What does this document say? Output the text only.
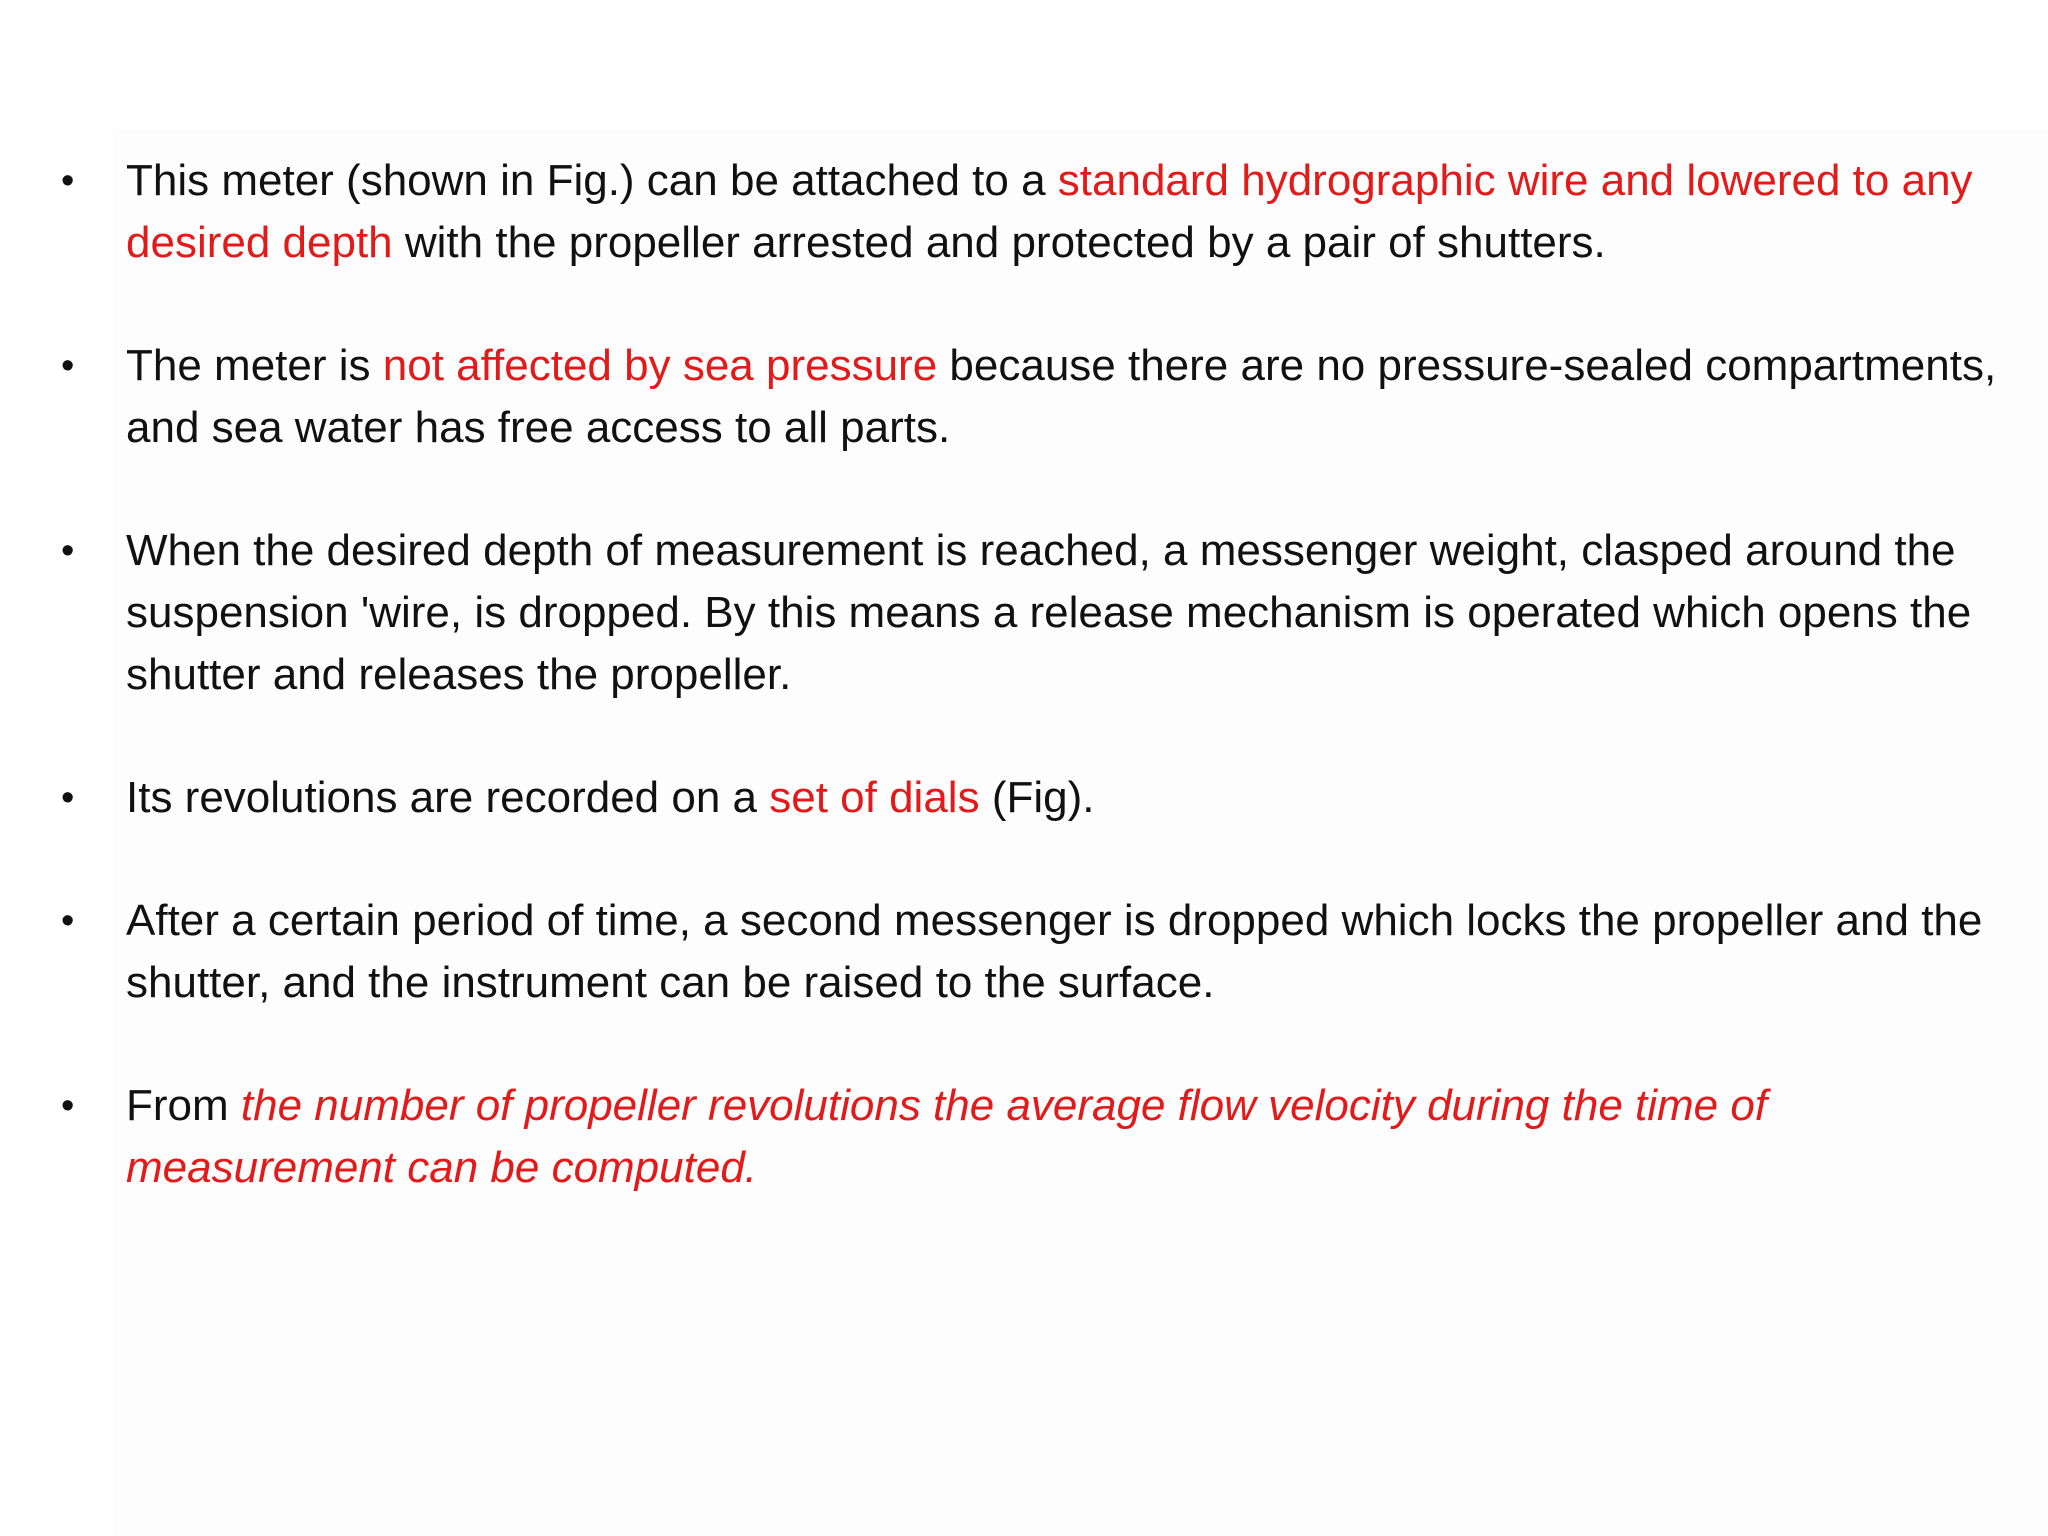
• This meter (shown in Fig.) can be attached to a standard hydrographic wire and lowered to any desired depth with the propeller arrested and protected by a pair of shutters.
• The meter is not affected by sea pressure because there are no pressure-sealed compartments, and sea water has free access to all parts.
• When the desired depth of measurement is reached, a messenger weight, clasped around the suspension 'wire, is dropped. By this means a release mechanism is operated which opens the shutter and releases the propeller.
• Its revolutions are recorded on a set of dials (Fig).
• After a certain period of time, a second messenger is dropped which locks the propeller and the shutter, and the instrument can be raised to the surface.
• From the number of propeller revolutions the average flow velocity during the time of measurement can be computed.
